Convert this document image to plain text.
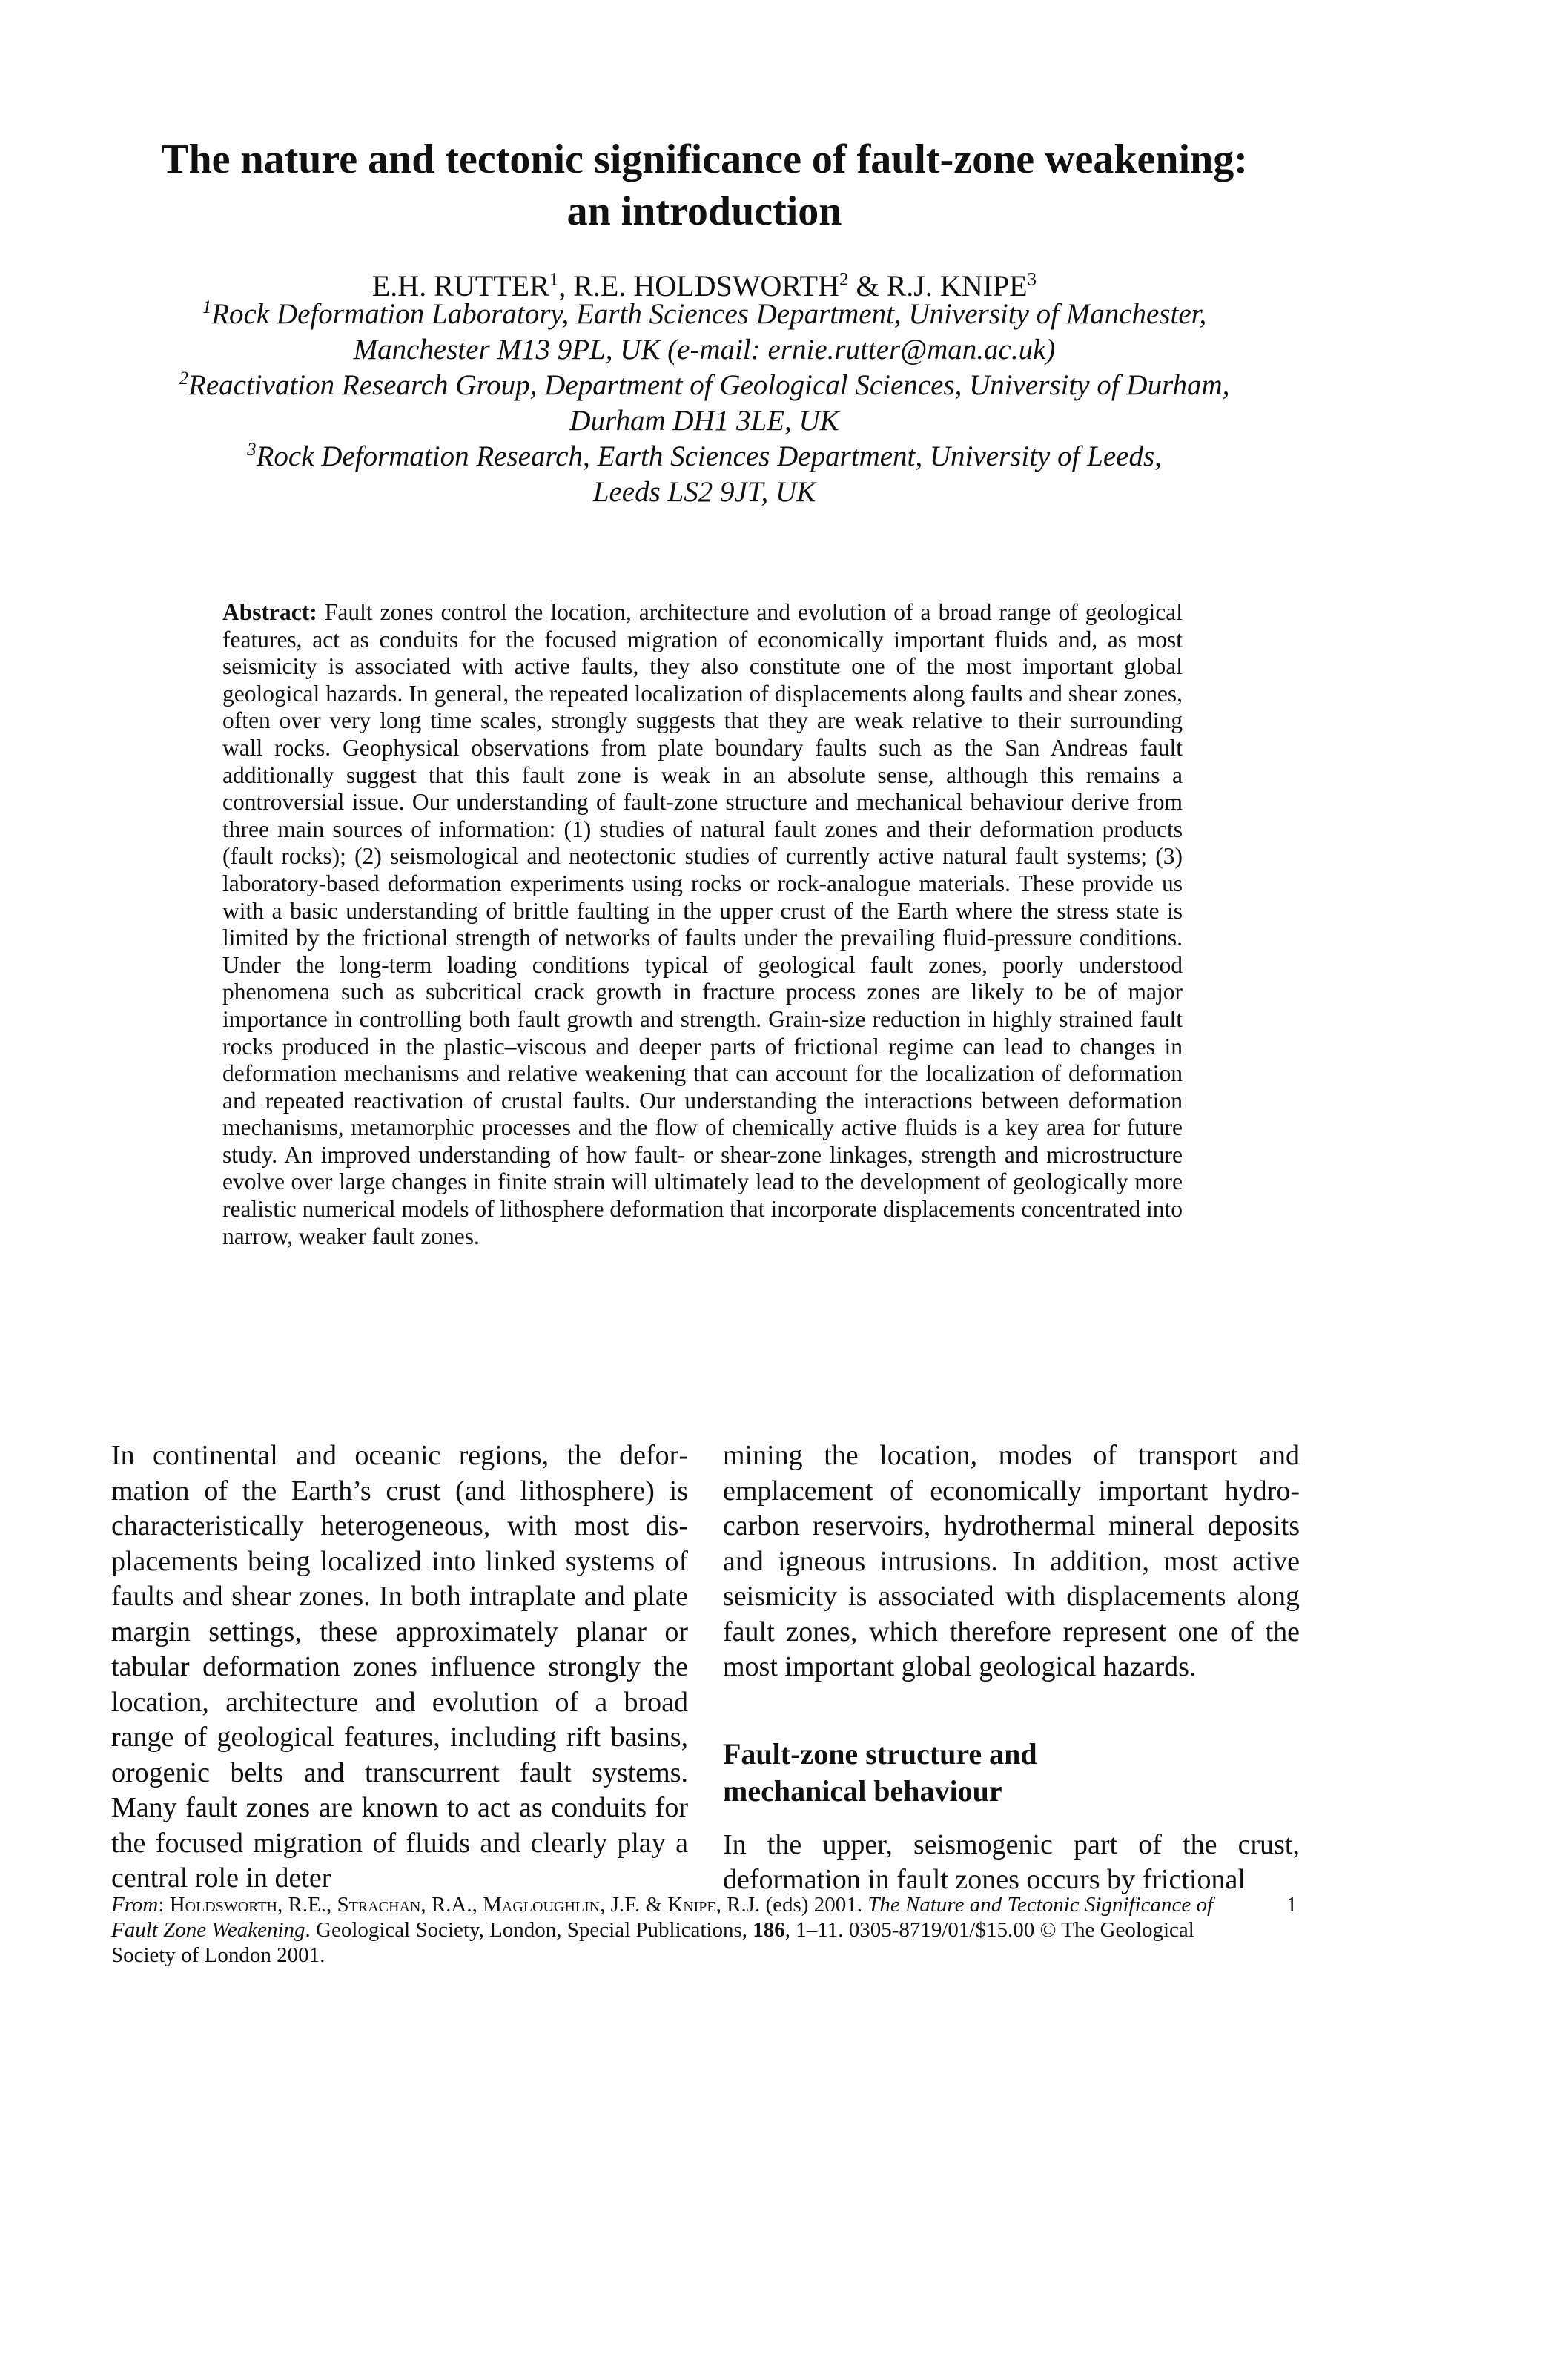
The nature and tectonic significance of fault-zone weakening:
an introduction
E.H. RUTTER$^1$, R.E. HOLDSWORTH$^2$ & R.J. KNIPE$^3$
$^1$Rock Deformation Laboratory, Earth Sciences Department, University of Manchester,
Manchester M13 9PL, UK (e-mail: ernie.rutter@man.ac.uk)
$^2$Reactivation Research Group, Department of Geological Sciences, University of Durham,
Durham DH1 3LE, UK
$^3$Rock Deformation Research, Earth Sciences Department, University of Leeds,
Leeds LS2 9JT, UK
Abstract: Fault zones control the location, architecture and evolution of a broad range of geological features, act as conduits for the focused migration of economically important fluids and, as most seismicity is associated with active faults, they also constitute one of the most important global geological hazards. In general, the repeated localization of displacements along faults and shear zones, often over very long time scales, strongly suggests that they are weak relative to their surrounding wall rocks. Geophysical observations from plate boundary faults such as the San Andreas fault additionally suggest that this fault zone is weak in an absolute sense, although this remains a controversial issue. Our understanding of fault-zone structure and mechanical behaviour derive from three main sources of information: (1) studies of natural fault zones and their deformation products (fault rocks); (2) seismological and neotectonic studies of currently active natural fault systems; (3) laboratory-based deformation experiments using rocks or rock-analogue materials. These provide us with a basic understanding of brittle faulting in the upper crust of the Earth where the stress state is limited by the frictional strength of networks of faults under the prevailing fluid-pressure conditions. Under the long-term loading conditions typical of geological fault zones, poorly understood phenomena such as subcritical crack growth in fracture process zones are likely to be of major importance in controlling both fault growth and strength. Grain-size reduction in highly strained fault rocks produced in the plastic–viscous and deeper parts of frictional regime can lead to changes in deformation mechanisms and relative weakening that can account for the localization of deformation and repeated reactivation of crustal faults. Our understanding the interactions between deformation mechanisms, metamorphic processes and the flow of chemically active fluids is a key area for future study. An improved understanding of how fault- or shear-zone linkages, strength and microstructure evolve over large changes in finite strain will ultimately lead to the development of geologically more realistic numerical models of lithosphere deformation that incorporate displacements concentrated into narrow, weaker fault zones.

In continental and oceanic regions, the deformation of the Earth’s crust (and lithosphere) is characteristically heterogeneous, with most displacements being localized into linked systems of faults and shear zones. In both intraplate and plate margin settings, these approximately planar or tabular deformation zones influence strongly the location, architecture and evolution of a broad range of geological features, including rift basins, orogenic belts and transcurrent fault systems. Many fault zones are known to act as conduits for the focused migration of fluids and clearly play a central role in deter

mining the location, modes of transport and emplacement of economically important hydrocarbon reservoirs, hydrothermal mineral deposits and igneous intrusions. In addition, most active seismicity is associated with displacements along fault zones, which therefore represent one of the most important global geological hazards.

Fault-zone structure and
mechanical behaviour

In the upper, seismogenic part of the crust, deformation in fault zones occurs by frictional

From: Holdsworth, R.E., Strachan, R.A., Magloughlin, J.F. & Knipe, R.J. (eds) 2001. The Nature and Tectonic Significance of Fault Zone Weakening. Geological Society, London, Special Publications, 186, 1–11. 0305-8719/01/$15.00 © The Geological Society of London 2001.
1
